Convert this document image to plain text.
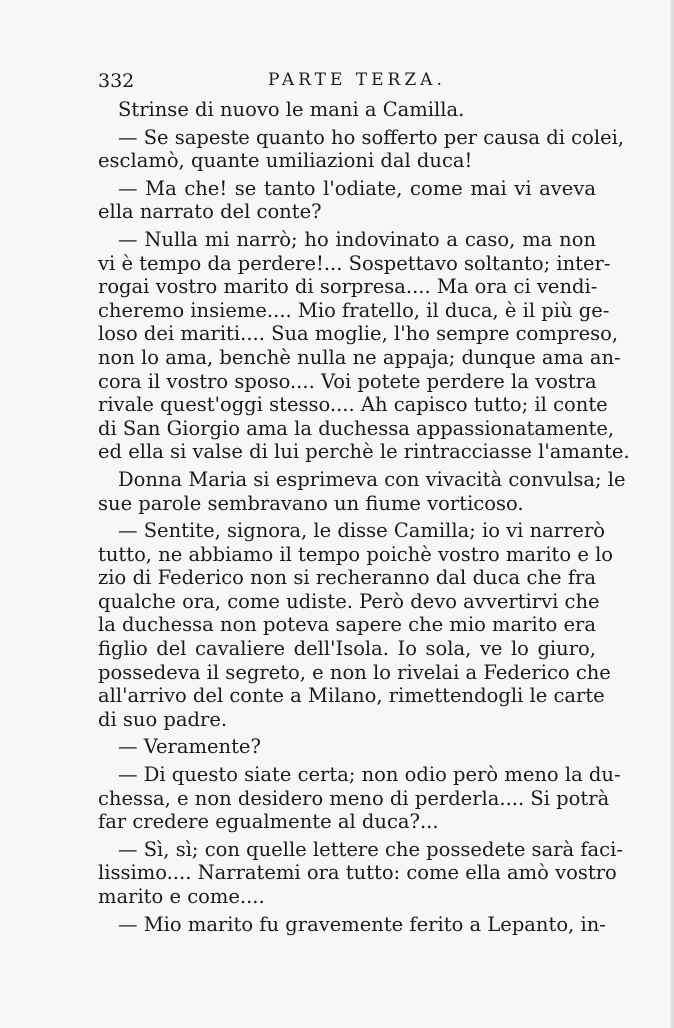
332	PARTE TERZA.
Strinse di nuovo le mani a Camilla.
— Se sapeste quanto ho sofferto per causa di colei,
esclamò, quante umiliazioni dal duca!
— Ma che! se tanto l'odiate, come mai vi aveva
ella narrato del conte?
— Nulla mi narrò; ho indovinato a caso, ma non
vi è tempo da perdere!... Sospettavo soltanto; inter-
rogai vostro marito di sorpresa.... Ma ora ci vendi-
cheremo insieme.... Mio fratello, il duca, è il più ge-
loso dei mariti.... Sua moglie, l'ho sempre compreso,
non lo ama, benchè nulla ne appaja; dunque ama an-
cora il vostro sposo.... Voi potete perdere la vostra
rivale quest'oggi stesso.... Ah capisco tutto; il conte
di San Giorgio ama la duchessa appassionatamente,
ed ella si valse di lui perchè le rintracciasse l'amante.
Donna Maria si esprimeva con vivacità convulsa; le
sue parole sembravano un fiume vorticoso.
— Sentite, signora, le disse Camilla; io vi narrerò
tutto, ne abbiamo il tempo poichè vostro marito e lo
zio di Federico non si recheranno dal duca che fra
qualche ora, come udiste. Però devo avvertirvi che
la duchessa non poteva sapere che mio marito era
figlio del cavaliere dell'Isola. Io sola, ve lo giuro,
possedeva il segreto, e non lo rivelai a Federico che
all'arrivo del conte a Milano, rimettendogli le carte
di suo padre.
— Veramente?
— Di questo siate certa; non odio però meno la du-
chessa, e non desidero meno di perderla.... Si potrà
far credere egualmente al duca?...
— Sì, sì; con quelle lettere che possedete sarà faci-
lissimo.... Narratemi ora tutto: come ella amò vostro
marito e come....
— Mio marito fu gravemente ferito a Lepanto, in-
